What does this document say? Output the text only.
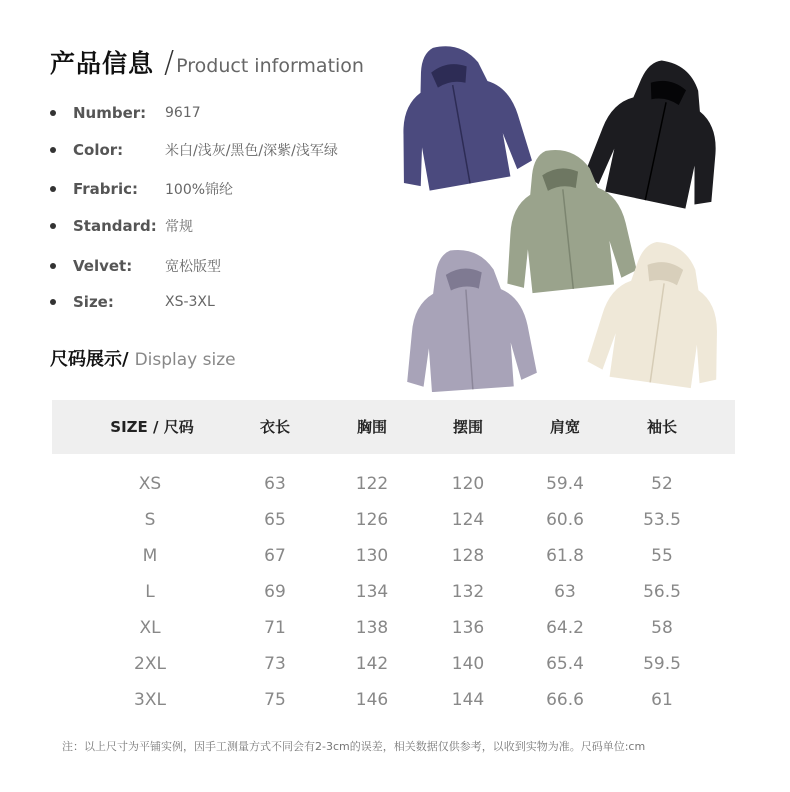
产品信息 / Product information
Number:	9617
Color:	米白/浅灰/黑色/深紫/浅军绿
Frabric:	100%锦纶
Standard: 常规
Velvet:	宽松版型
Size:	XS-3XL
尺码展示/ Display size
SIZE / 尺码	衣长	胸围	摆围	肩宽	袖长
XS	63	122	120	59.4	52
S	65	126	124	60.6	53.5
M	67	130	128	61.8	55
L	69	134	132	63	56.5
XL	71	138	136	64.2	58
2XL	73	142	140	65.4	59.5
3XL	75	146	144	66.6	61
注：以上尺寸为平铺实例，因手工测量方式不同会有2-3cm的误差，相关数据仅供参考，以收到实物为准。尺码单位:cm
